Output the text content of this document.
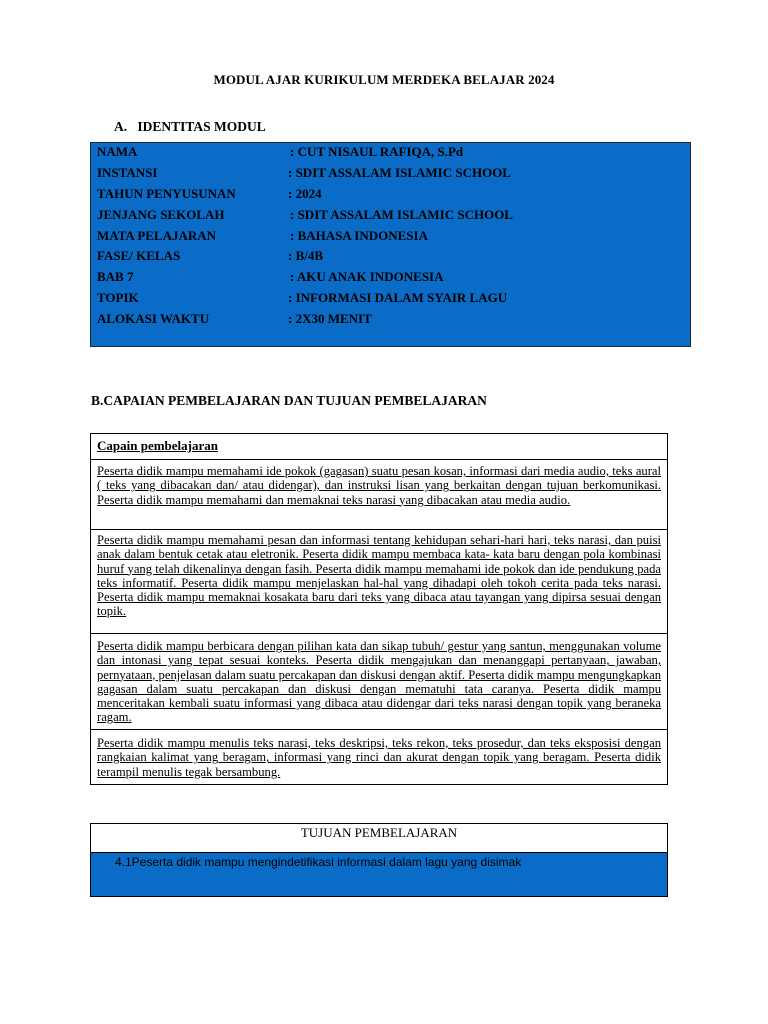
MODUL AJAR KURIKULUM MERDEKA BELAJAR 2024
A. IDENTITAS MODUL
NAMA	: CUT NISAUL RAFIQA, S.Pd
INSTANSI	: SDIT ASSALAM ISLAMIC SCHOOL
TAHUN PENYUSUNAN	: 2024
JENJANG SEKOLAH	: SDIT ASSALAM ISLAMIC SCHOOL
MATA PELAJARAN	: BAHASA INDONESIA
FASE/ KELAS	: B/4B
BAB 7	: AKU ANAK INDONESIA
TOPIK	: INFORMASI DALAM SYAIR LAGU
ALOKASI WAKTU	: 2X30 MENIT
B.CAPAIAN PEMBELAJARAN DAN TUJUAN PEMBELAJARAN
Capain pembelajaran
Peserta didik mampu memahami ide pokok (gagasan) suatu pesan kosan, informasi dari media audio, teks aural ( teks yang dibacakan dan/ atau didengar), dan instruksi lisan yang berkaitan dengan tujuan berkomunikasi. Peserta didik mampu memahami dan memaknai teks narasi yang dibacakan atau media audio.
Peserta didik mampu memahami pesan dan informasi tentang kehidupan sehari-hari hari, teks narasi, dan puisi anak dalam bentuk cetak atau eletronik. Peserta didik mampu membaca kata- kata baru dengan pola kombinasi huruf yang telah dikenalinya dengan fasih. Peserta didik mampu memahami ide pokok dan ide pendukung pada teks informatif. Peserta didik mampu menjelaskan hal-hal yang dihadapi oleh tokoh cerita pada teks narasi. Peserta didik mampu memaknai kosakata baru dari teks yang dibaca atau tayangan yang dipirsa sesuai dengan topik.
Peserta didik mampu berbicara dengan pilihan kata dan sikap tubuh/ gestur yang santun, menggunakan volume dan intonasi yang tepat sesuai konteks. Peserta didik mengajukan dan menanggapi pertanyaan, jawaban, pernyataan, penjelasan dalam suatu percakapan dan diskusi dengan aktif. Peserta didik mampu mengungkapkan gagasan dalam suatu percakapan dan diskusi dengan mematuhi tata caranya. Peserta didik mampu menceritakan kembali suatu informasi yang dibaca atau didengar dari teks narasi dengan topik yang beraneka ragam.
Peserta didik mampu menulis teks narasi, teks deskripsi, teks rekon, teks prosedur, dan teks eksposisi dengan rangkaian kalimat yang beragam, informasi yang rinci dan akurat dengan topik yang beragam. Peserta didik terampil menulis tegak bersambung.
TUJUAN PEMBELAJARAN
4.1Peserta didik mampu mengindetifikasi informasi dalam lagu yang disimak
